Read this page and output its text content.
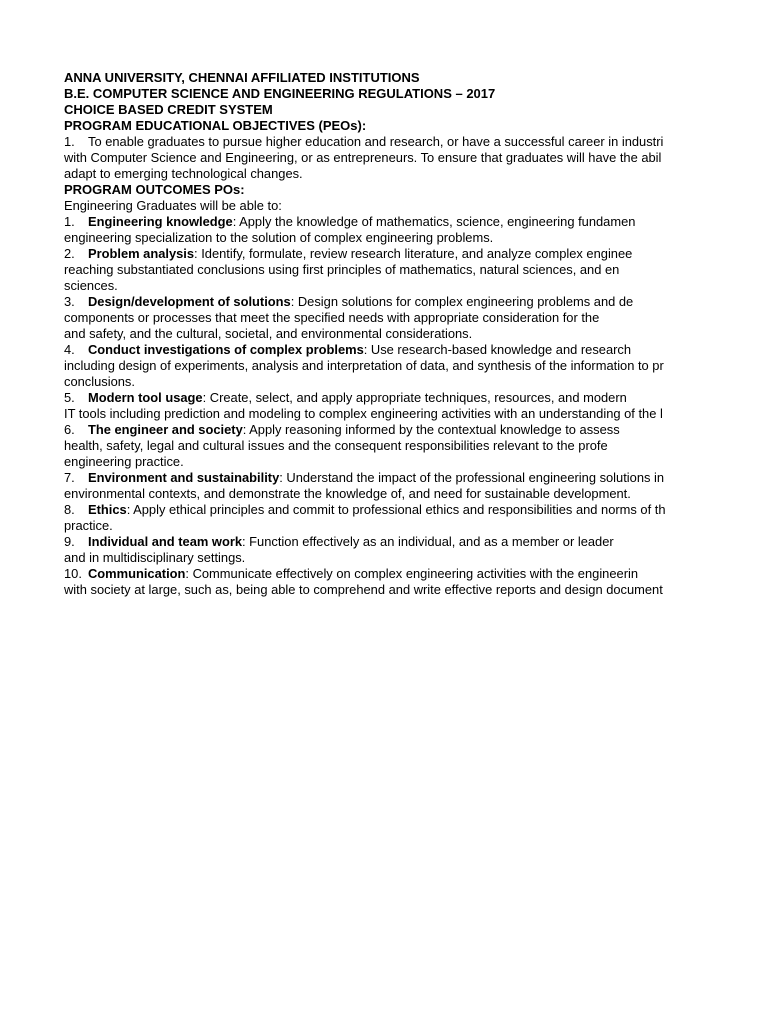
ANNA UNIVERSITY, CHENNAI AFFILIATED INSTITUTIONS
B.E. COMPUTER SCIENCE AND ENGINEERING REGULATIONS – 2017
CHOICE BASED CREDIT SYSTEM
PROGRAM EDUCATIONAL OBJECTIVES (PEOs):
1. To enable graduates to pursue higher education and research, or have a successful career in industri
with Computer Science and Engineering, or as entrepreneurs. To ensure that graduates will have the abil
adapt to emerging technological changes.
PROGRAM OUTCOMES POs:
Engineering Graduates will be able to:
1. Engineering knowledge: Apply the knowledge of mathematics, science, engineering fundamen
engineering specialization to the solution of complex engineering problems.
2. Problem analysis: Identify, formulate, review research literature, and analyze complex enginee
reaching substantiated conclusions using first principles of mathematics, natural sciences, and en
sciences.
3. Design/development of solutions: Design solutions for complex engineering problems and de
components or processes that meet the specified needs with appropriate consideration for the
and safety, and the cultural, societal, and environmental considerations.
4. Conduct investigations of complex problems: Use research-based knowledge and research
including design of experiments, analysis and interpretation of data, and synthesis of the information to pr
conclusions.
5. Modern tool usage: Create, select, and apply appropriate techniques, resources, and modern
IT tools including prediction and modeling to complex engineering activities with an understanding of the l
6. The engineer and society: Apply reasoning informed by the contextual knowledge to assess
health, safety, legal and cultural issues and the consequent responsibilities relevant to the profe
engineering practice.
7. Environment and sustainability: Understand the impact of the professional engineering solutions in
environmental contexts, and demonstrate the knowledge of, and need for sustainable development.
8. Ethics: Apply ethical principles and commit to professional ethics and responsibilities and norms of th
practice.
9. Individual and team work: Function effectively as an individual, and as a member or leader
and in multidisciplinary settings.
10. Communication: Communicate effectively on complex engineering activities with the engineerin
with society at large, such as, being able to comprehend and write effective reports and design document
